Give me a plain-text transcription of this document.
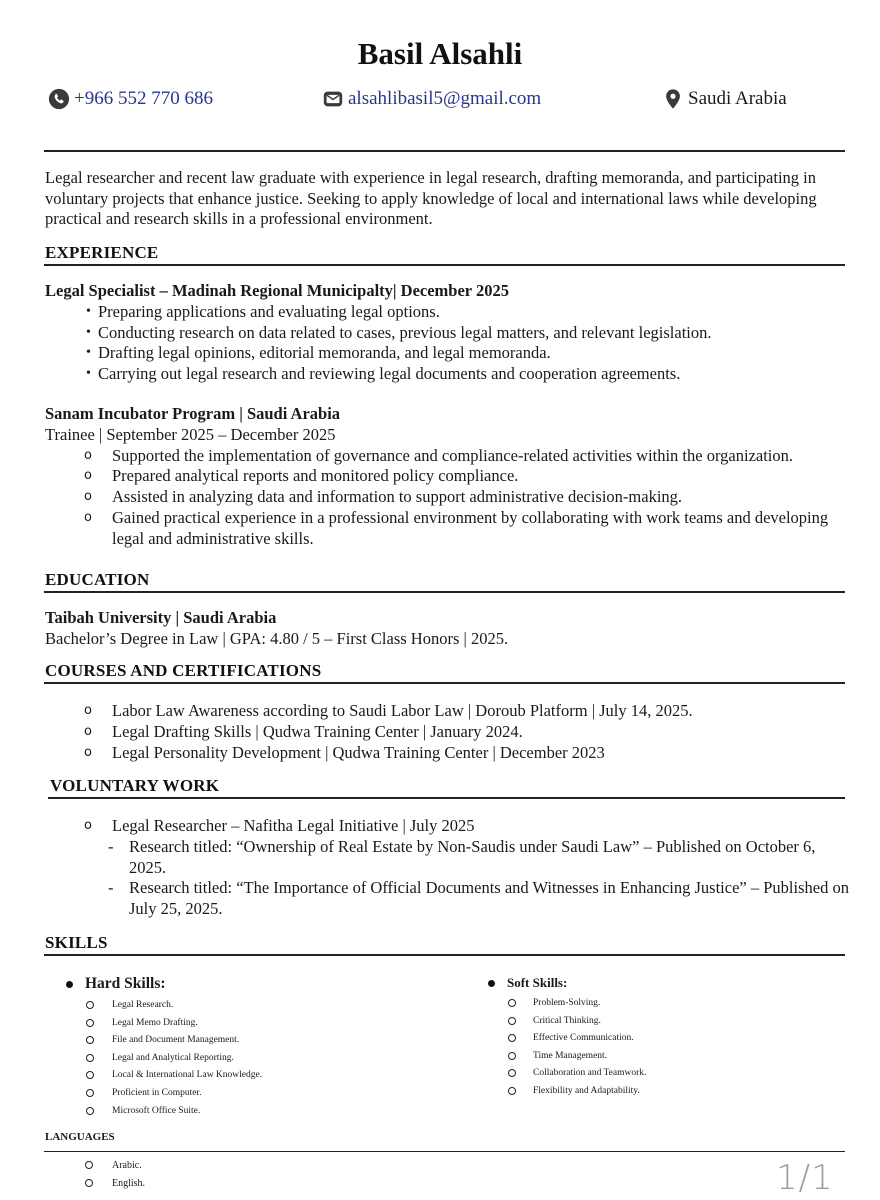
Basil Alsahli
+966 552 770 686	alsahlibasil5@gmail.com	Saudi Arabia

Legal researcher and recent law graduate with experience in legal research, drafting memoranda, and participating in voluntary projects that enhance justice. Seeking to apply knowledge of local and international laws while developing practical and research skills in a professional environment.

EXPERIENCE

Legal Specialist – Madinah Regional Municipalty| December 2025

• Preparing applications and evaluating legal options.
• Conducting research on data related to cases, previous legal matters, and relevant legislation.
• Drafting legal opinions, editorial memoranda, and legal memoranda.
• Carrying out legal research and reviewing legal documents and cooperation agreements.

Sanam Incubator Program | Saudi Arabia

Trainee | September 2025 – December 2025

o Supported the implementation of governance and compliance-related activities within the organization.
o Prepared analytical reports and monitored policy compliance.
o Assisted in analyzing data and information to support administrative decision-making.
o Gained practical experience in a professional environment by collaborating with work teams and developing legal and administrative skills.

EDUCATION

Taibah University | Saudi Arabia

Bachelor’s Degree in Law | GPA: 4.80 / 5 – First Class Honors | 2025.

COURSES AND CERTIFICATIONS

o Labor Law Awareness according to Saudi Labor Law | Doroub Platform | July 14, 2025.
o Legal Drafting Skills | Qudwa Training Center | January 2024.
o Legal Personality Development | Qudwa Training Center | December 2023

VOLUNTARY WORK

o Legal Researcher – Nafitha Legal Initiative | July 2025
- Research titled: “Ownership of Real Estate by Non-Saudis under Saudi Law” – Published on October 6, 2025.
- Research titled: “The Importance of Official Documents and Witnesses in Enhancing Justice” – Published on July 25, 2025.

SKILLS

Hard Skills:

Legal Research.
Legal Memo Drafting.
File and Document Management.
Legal and Analytical Reporting.
Local & International Law Knowledge.
Proficient in Computer.
Microsoft Office Suite.

Soft Skills:

Problem-Solving.
Critical Thinking.
Effective Communication.
Time Management.
Collaboration and Teamwork.
Flexibility and Adaptability.

LANGUAGES

Arabic.
English.	1/1
